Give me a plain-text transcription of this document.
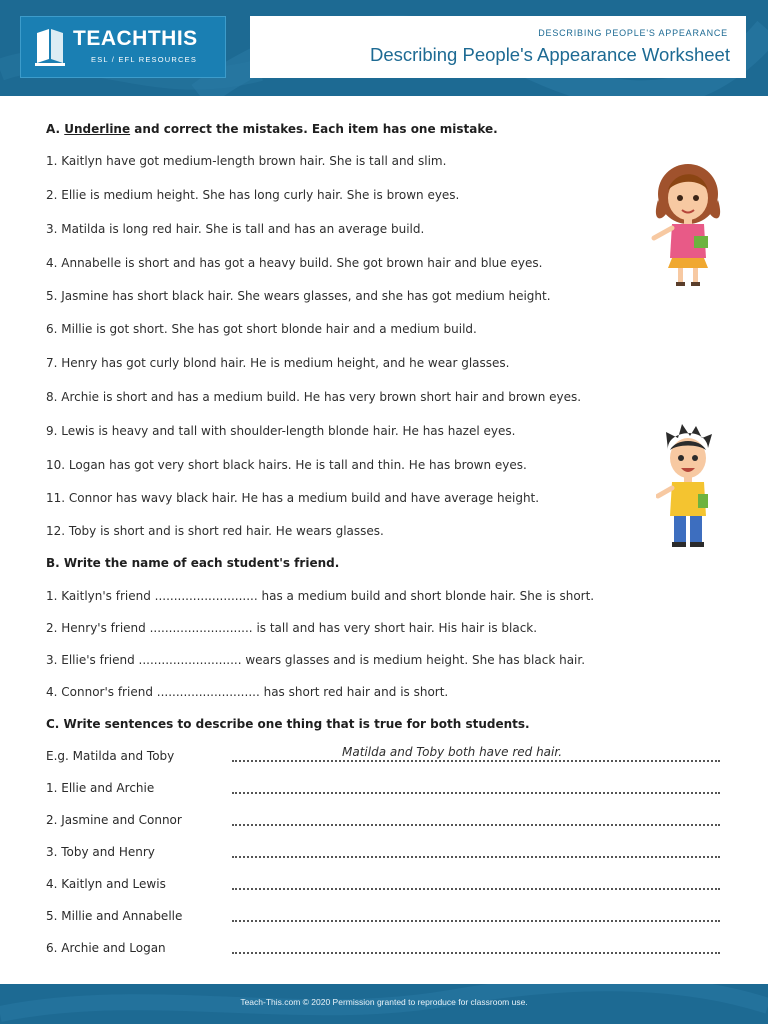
TEACHTHIS
ESL / EFL RESOURCES
DESCRIBING PEOPLE'S APPEARANCE
Describing People's Appearance Worksheet
A. Underline and correct the mistakes. Each item has one mistake.
1. Kaitlyn have got medium-length brown hair. She is tall and slim.
2. Ellie is medium height. She has long curly hair. She is brown eyes.
3. Matilda is long red hair. She is tall and has an average build.
4. Annabelle is short and has got a heavy build. She got brown hair and blue eyes.
5. Jasmine has short black hair. She wears glasses, and she has got medium height.
6. Millie is got short. She has got short blonde hair and a medium build.
7. Henry has got curly blond hair. He is medium height, and he wear glasses.
8. Archie is short and has a medium build. He has very brown short hair and brown eyes.
9. Lewis is heavy and tall with shoulder-length blonde hair. He has hazel eyes.
10. Logan has got very short black hairs. He is tall and thin. He has brown eyes.
11. Connor has wavy black hair. He has a medium build and have average height.
12. Toby is short and is short red hair. He wears glasses.
B. Write the name of each student's friend.
1. Kaitlyn's friend ........................... has a medium build and short blonde hair. She is short.
2. Henry's friend ........................... is tall and has very short hair. His hair is black.
3. Ellie's friend ........................... wears glasses and is medium height. She has black hair.
4. Connor's friend ........................... has short red hair and is short.
C. Write sentences to describe one thing that is true for both students.
E.g. Matilda and Toby	Matilda and Toby both have red hair.
1. Ellie and Archie
2. Jasmine and Connor
3. Toby and Henry
4. Kaitlyn and Lewis
5. Millie and Annabelle
6. Archie and Logan
Teach-This.com © 2020 Permission granted to reproduce for classroom use.
